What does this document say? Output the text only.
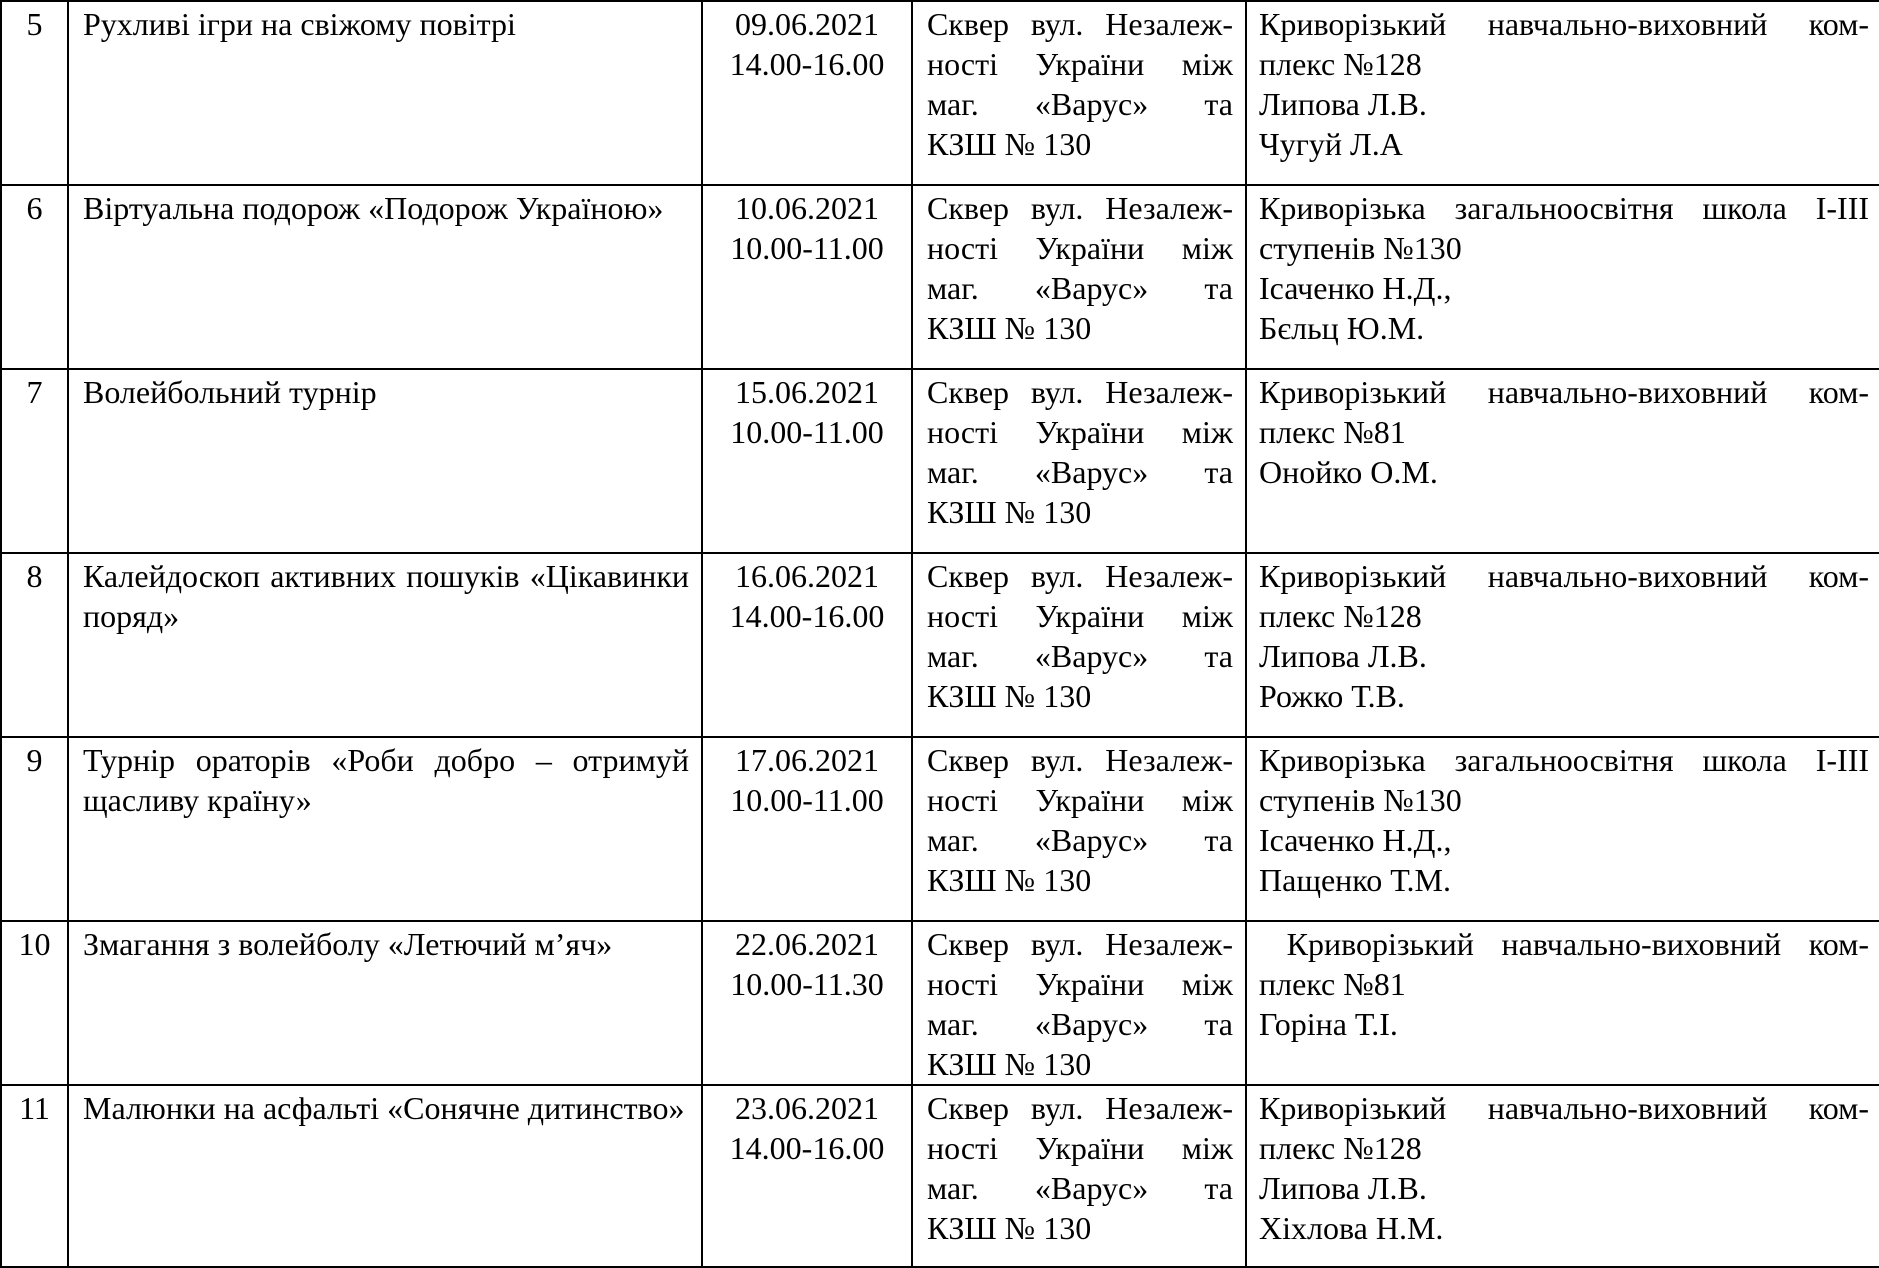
5	Рухливі ігри на свіжому повітрі	09.06.2021
14.00-16.00	Сквер вул. Незалеж-
ності України між
маг. «Варус» та
КЗШ № 130	Криворізький навчально-виховний ком-
плекс №128
Липова Л.В.
Чугуй Л.А

6	Віртуальна подорож «Подорож Україною»	10.06.2021
10.00-11.00	Сквер вул. Незалеж-
ності України між
маг. «Варус» та
КЗШ № 130	Криворізька загальноосвітня школа І-ІІІ
ступенів №130
Ісаченко Н.Д.,
Бєльц Ю.М.

7	Волейбольний турнір	15.06.2021
10.00-11.00	Сквер вул. Незалеж-
ності України між
маг. «Варус» та
КЗШ № 130	Криворізький навчально-виховний ком-
плекс №81
Онойко О.М.

8	Калейдоскоп активних пошуків «Цікавинки поряд»	16.06.2021
14.00-16.00	Сквер вул. Незалеж-
ності України між
маг. «Варус» та
КЗШ № 130	Криворізький навчально-виховний ком-
плекс №128
Липова Л.В.
Рожко Т.В.

9	Турнір ораторів «Роби добро – отримуй щасливу країну»	17.06.2021
10.00-11.00	Сквер вул. Незалеж-
ності України між
маг. «Варус» та
КЗШ № 130	Криворізька загальноосвітня школа І-ІІІ
ступенів №130
Ісаченко Н.Д.,
Пащенко Т.М.

10	Змагання з волейболу «Летючий м’яч»	22.06.2021
10.00-11.30	Сквер вул. Незалеж-
ності України між
маг. «Варус» та
КЗШ № 130	Криворізький навчально-виховний ком-
плекс №81
Горіна Т.І.

11	Малюнки на асфальті «Сонячне дитинство»	23.06.2021
14.00-16.00	Сквер вул. Незалеж-
ності України між
маг. «Варус» та
КЗШ № 130	Криворізький навчально-виховний ком-
плекс №128
Липова Л.В.
Хіхлова Н.М.
